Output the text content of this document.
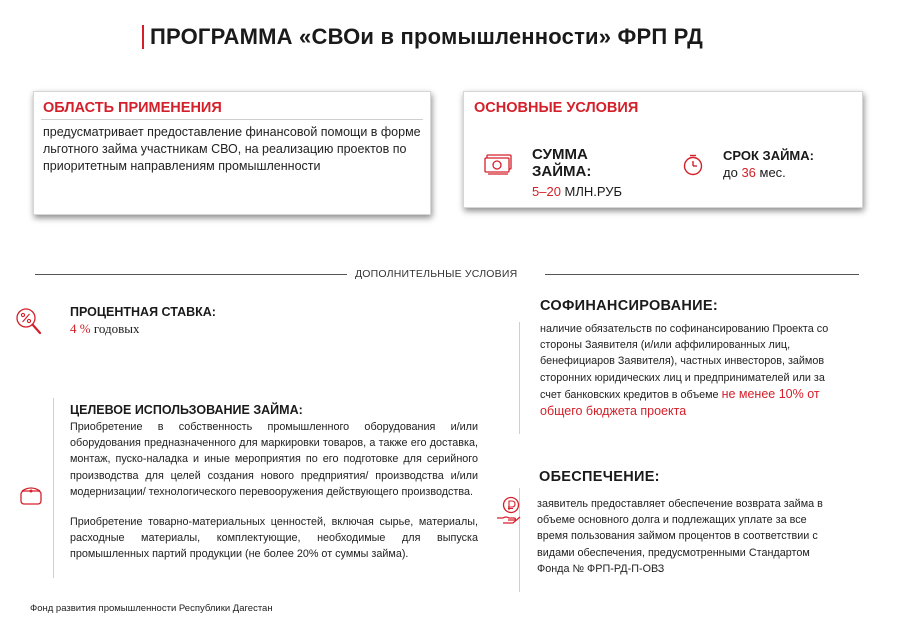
ПРОГРАММА «СВОи в промышленности» ФРП РД
ОБЛАСТЬ ПРИМЕНЕНИЯ
предусматривает предоставление финансовой помощи в форме льготного займа участникам СВО, на реализацию проектов по приоритетным направлениям промышленности
ОСНОВНЫЕ УСЛОВИЯ
СУММА ЗАЙМА:
5–20 МЛН.РУБ
СРОК ЗАЙМА:
до 36 мес.
ДОПОЛНИТЕЛЬНЫЕ УСЛОВИЯ
ПРОЦЕНТНАЯ СТАВКА:
4 % годовых
ЦЕЛЕВОЕ ИСПОЛЬЗОВАНИЕ ЗАЙМА:
Приобретение в собственность промышленного оборудования и/или оборудования предназначенного для маркировки товаров, а также его доставка, монтаж, пуско-наладка и иные мероприятия по его подготовке для серийного производства для целей создания нового предприятия/ производства и/или модернизации/ технологического перевооружения действующего производства.
Приобретение товарно-материальных ценностей, включая сырье, материалы, расходные материалы, комплектующие, необходимые для выпуска промышленных партий продукции (не более 20% от суммы займа).
СОФИНАНСИРОВАНИЕ:
наличие обязательств по софинансированию Проекта со стороны Заявителя (и/или аффилированных лиц, бенефициаров Заявителя), частных инвесторов, займов сторонних юридических лиц и предпринимателей или за счет банковских кредитов в объеме не менее 10% от общего бюджета проекта
ОБЕСПЕЧЕНИЕ:
заявитель предоставляет обеспечение возврата займа в объеме основного долга и подлежащих уплате за все время пользования займом процентов в соответствии с видами обеспечения, предусмотренными Стандартом Фонда № ФРП-РД-П-ОВЗ
Фонд развития промышленности Республики Дагестан
